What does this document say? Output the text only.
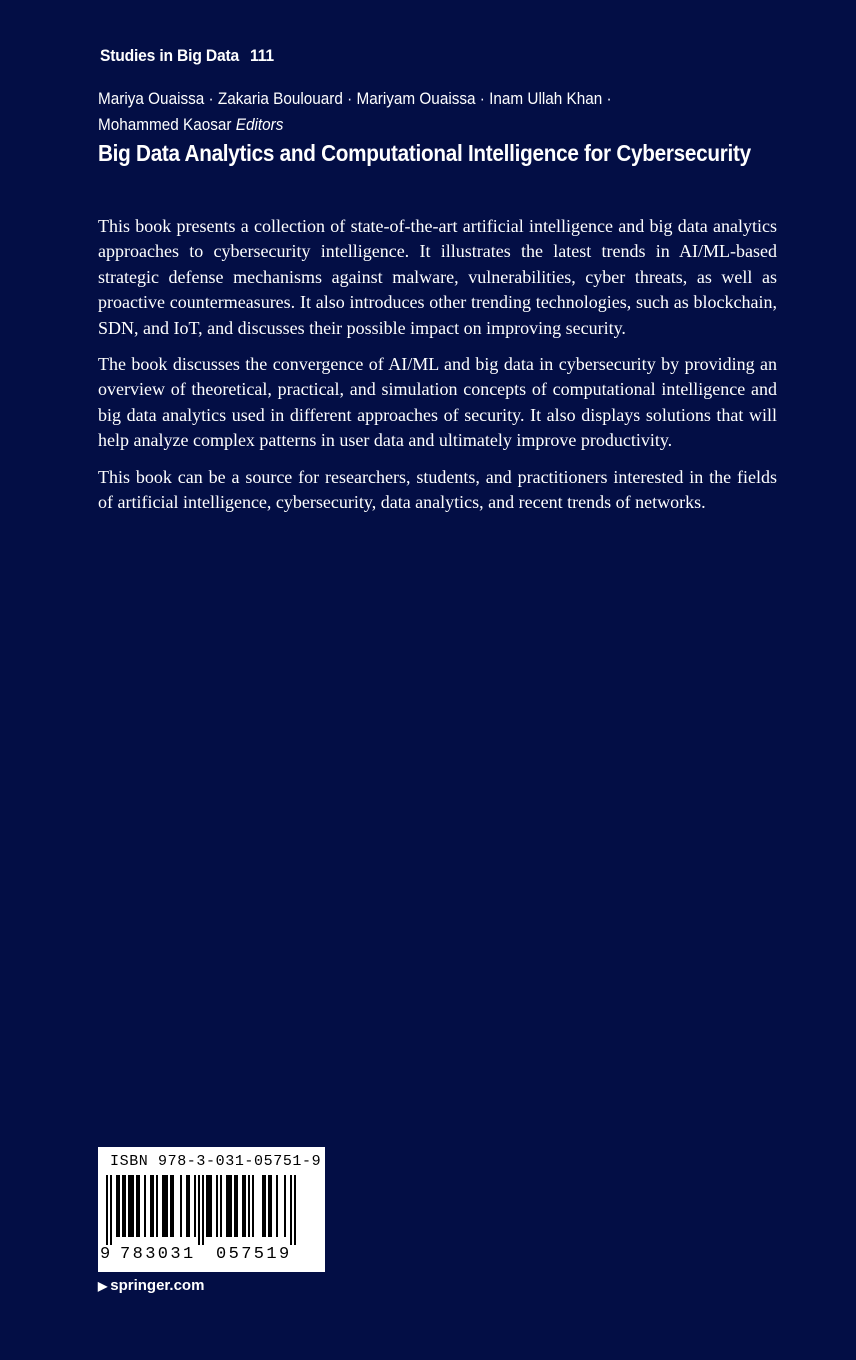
Studies in Big Data 111
Mariya Ouaissa · Zakaria Boulouard · Mariyam Ouaissa · Inam Ullah Khan ·
Mohammed Kaosar Editors
Big Data Analytics and Computational Intelligence for Cybersecurity

This book presents a collection of state-of-the-art artificial intelligence and big data analytics approaches to cybersecurity intelligence. It illustrates the latest trends in AI/ML-based strategic defense mechanisms against malware, vulnerabilities, cyber threats, as well as proactive countermeasures. It also introduces other trending technologies, such as blockchain, SDN, and IoT, and discusses their possible impact on improving security.

The book discusses the convergence of AI/ML and big data in cybersecurity by providing an overview of theoretical, practical, and simulation concepts of computational intelligence and big data analytics used in different approaches of security. It also displays solutions that will help analyze complex patterns in user data and ultimately improve productivity.

This book can be a source for researchers, students, and practitioners interested in the fields of artificial intelligence, cybersecurity, data analytics, and recent trends of networks.

ISBN 978-3-031-05751-9
9 783031 057519
▶ springer.com
